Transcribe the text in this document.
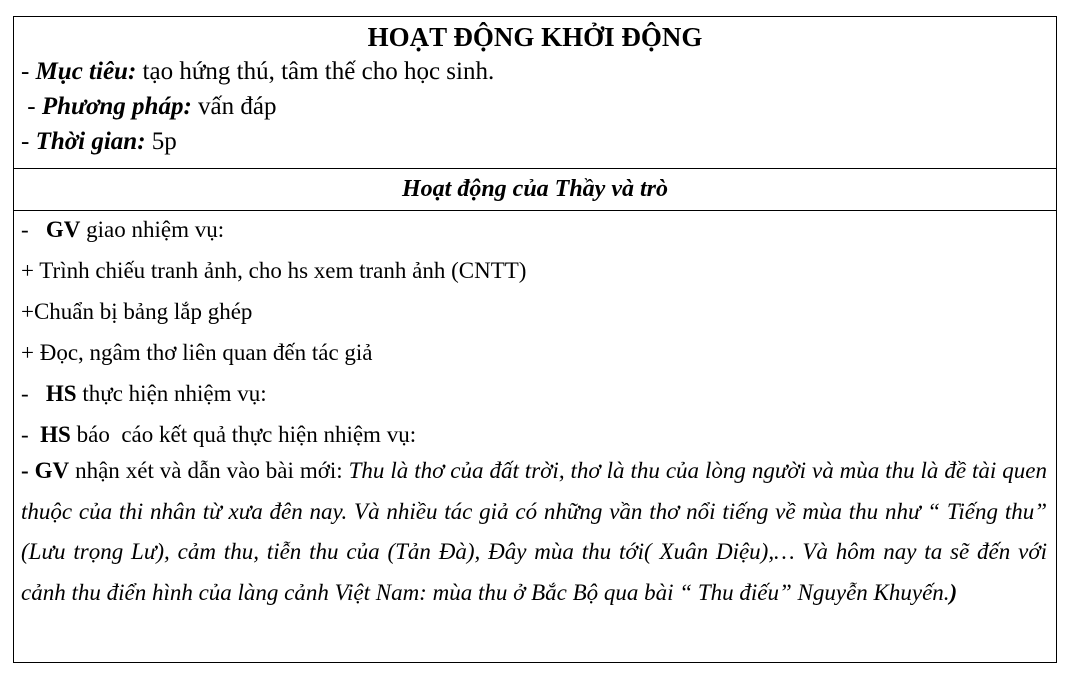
HOẠT ĐỘNG KHỞI ĐỘNG
- Mục tiêu: tạo hứng thú, tâm thế cho học sinh.
- Phương pháp: vấn đáp
- Thời gian: 5p
Hoạt động của Thầy và trò
-   GV giao nhiệm vụ:
+ Trình chiếu tranh ảnh, cho hs xem tranh ảnh (CNTT)
+Chuẩn bị bảng lắp ghép
+ Đọc, ngâm thơ liên quan đến tác giả
-   HS thực hiện nhiệm vụ:
-  HS báo  cáo kết quả thực hiện nhiệm vụ:

- GV nhận xét và dẫn vào bài mới: Thu là thơ của đất trời, thơ là thu của lòng người và mùa thu là đề tài quen thuộc của thi nhân từ xưa đên nay. Và nhiều tác giả có những vần thơ nổi tiếng về mùa thu như “ Tiếng thu” (Lưu trọng Lư), cảm thu, tiễn thu của (Tản Đà), Đây mùa thu tới( Xuân Diệu),… Và hôm nay ta sẽ đến với cảnh thu điển hình của làng cảnh Việt Nam: mùa thu ở Bắc Bộ qua bài “ Thu điếu” Nguyễn Khuyến.)
